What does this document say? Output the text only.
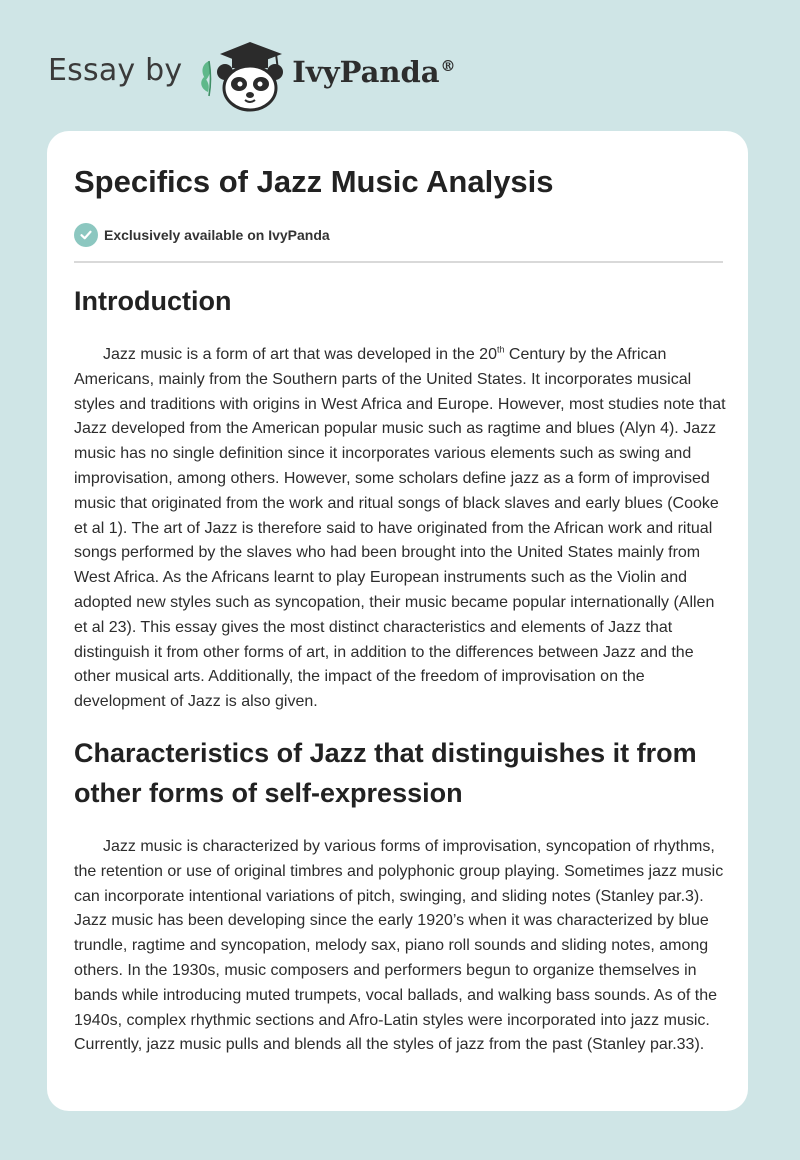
Essay by	IvyPanda®
Specifics of Jazz Music Analysis
Exclusively available on IvyPanda
Introduction

Jazz music is a form of art that was developed in the 20th Century by the African Americans, mainly from the Southern parts of the United States. It incorporates musical styles and traditions with origins in West Africa and Europe. However, most studies note that Jazz developed from the American popular music such as ragtime and blues (Alyn 4). Jazz music has no single definition since it incorporates various elements such as swing and improvisation, among others. However, some scholars define jazz as a form of improvised music that originated from the work and ritual songs of black slaves and early blues (Cooke et al 1). The art of Jazz is therefore said to have originated from the African work and ritual songs performed by the slaves who had been brought into the United States mainly from West Africa. As the Africans learnt to play European instruments such as the Violin and adopted new styles such as syncopation, their music became popular internationally (Allen et al 23). This essay gives the most distinct characteristics and elements of Jazz that distinguish it from other forms of art, in addition to the differences between Jazz and the other musical arts. Additionally, the impact of the freedom of improvisation on the development of Jazz is also given.

Characteristics of Jazz that distinguishes it from other forms of self-expression

Jazz music is characterized by various forms of improvisation, syncopation of rhythms, the retention or use of original timbres and polyphonic group playing. Sometimes jazz music can incorporate intentional variations of pitch, swinging, and sliding notes (Stanley par.3). Jazz music has been developing since the early 1920’s when it was characterized by blue trundle, ragtime and syncopation, melody sax, piano roll sounds and sliding notes, among others. In the 1930s, music composers and performers begun to organize themselves in bands while introducing muted trumpets, vocal ballads, and walking bass sounds. As of the 1940s, complex rhythmic sections and Afro-Latin styles were incorporated into jazz music. Currently, jazz music pulls and blends all the styles of jazz from the past (Stanley par.33).
